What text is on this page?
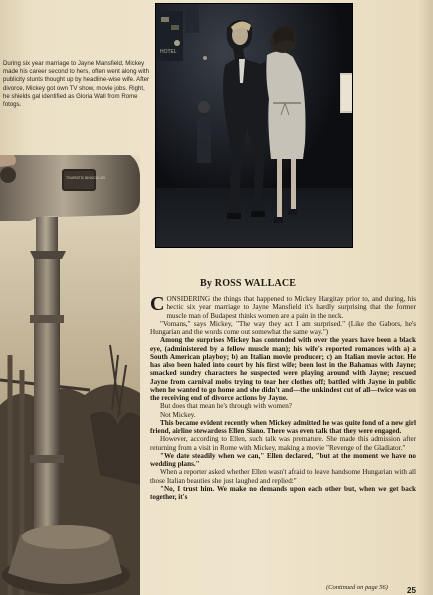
During six year marriage to Jayne Mansfield, Mickey made his career second to hers, often went along with publicity stunts thought up by headline-wise wife. After divorce, Mickey got own TV show, movie jobs. Right, he shields gal identified as Gloria Wall from Rome fotogs.
HOTEL
TOURISTIC BINOCULAR
By ROSS WALLACE

CONSIDERING the things that happened to Mickey Hargitay prior to, and during, his hectic six year marriage to Jayne Mansfield it's hardly surprising that the former muscle man of Budapest thinks women are a pain in the neck.

"Vomans," says Mickey, "The way they act I am surprised." (Like the Gabors, he's Hungarian and the words come out somewhat the same way.")

Among the surprises Mickey has contended with over the years have been a black eye, (administered by a fellow muscle man); his wife's reported romances with a) a South American playboy; b) an Italian movie producer; c) an Italian movie actor. He has also been haled into court by his first wife; been lost in the Bahamas with Jayne; smacked sundry characters he suspected were playing around with Jayne; rescued Jayne from carnival mobs trying to tear her clothes off; battled with Jayne in public when he wanted to go home and she didn't and—the unkindest cut of all—twice was on the receiving end of divorce actions by Jayne.

But does that mean he's through with women?

Not Mickey.

This became evident recently when Mickey admitted he was quite fond of a new girl friend, airline stewardess Ellen Siano. There was even talk that they were engaged.

However, according to Ellen, such talk was premature. She made this admission after returning from a visit in Rome with Mickey, making a movie "Revenge of the Gladiator."

"We date steadily when we can," Ellen declared, "but at the moment we have no wedding plans."

When a reporter asked whether Ellen wasn't afraid to leave handsome Hungarian with all those Italian beauties she just laughed and replied:"

"No, I trust him. We make no demands upon each other but, when we get back together, it's

(Continued on page 56) 25
